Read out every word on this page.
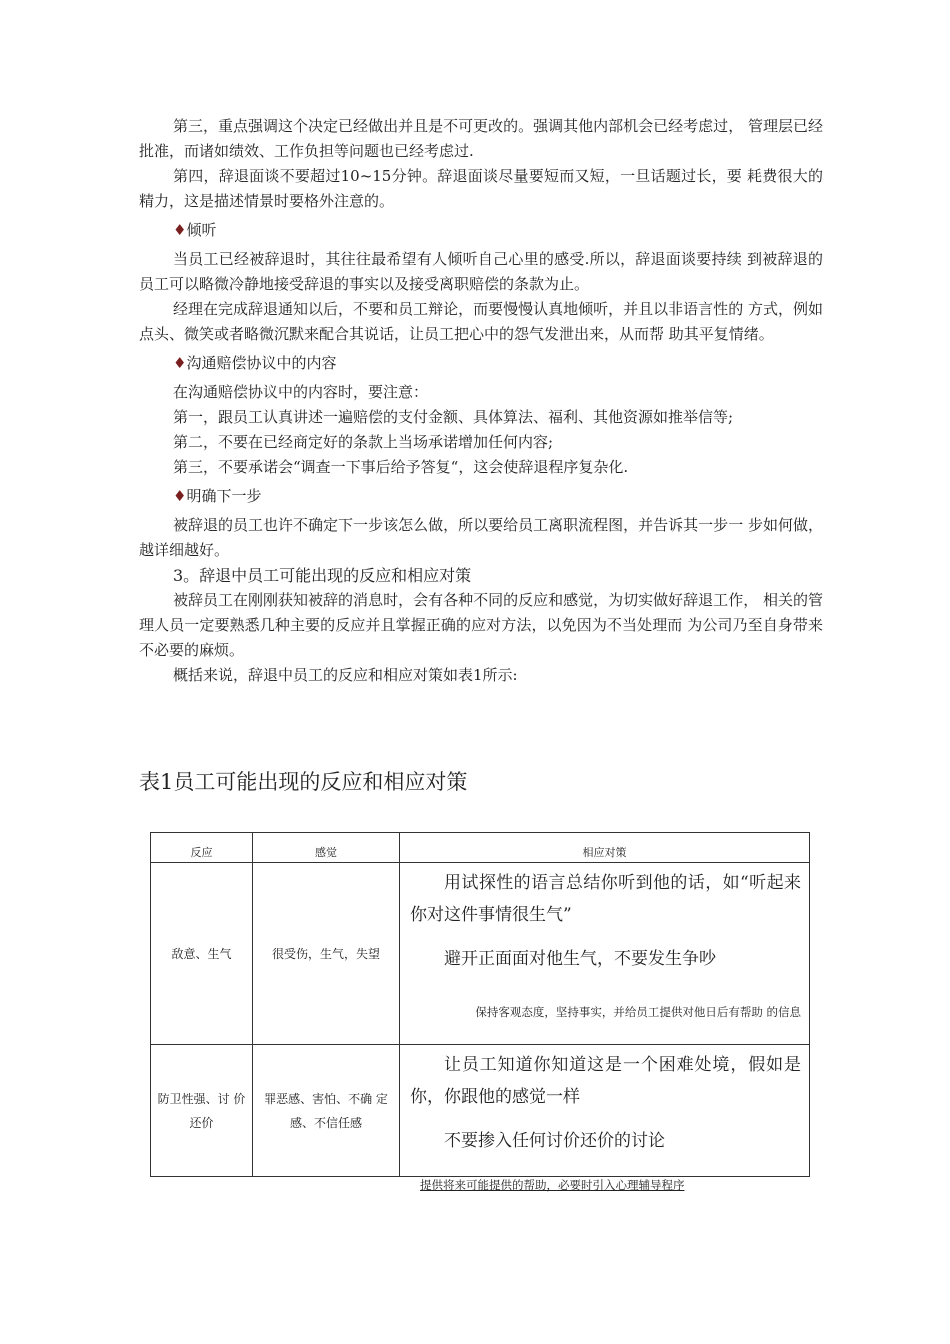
第三，重点强调这个决定已经做出并且是不可更改的。强调其他内部机会已经考虑过， 管理层已经批准，而诸如绩效、工作负担等问题也已经考虑过.

第四，辞退面谈不要超过10~15分钟。辞退面谈尽量要短而又短，一旦话题过长，要 耗费很大的精力，这是描述情景时要格外注意的。

♦倾听

当员工已经被辞退时，其往往最希望有人倾听自己心里的感受.所以，辞退面谈要持续 到被辞退的员工可以略微冷静地接受辞退的事实以及接受离职赔偿的条款为止。

经理在完成辞退通知以后，不要和员工辩论，而要慢慢认真地倾听，并且以非语言性的 方式，例如点头、微笑或者略微沉默来配合其说话，让员工把心中的怨气发泄出来，从而帮 助其平复情绪。

♦沟通赔偿协议中的内容

在沟通赔偿协议中的内容时，要注意：

第一，跟员工认真讲述一遍赔偿的支付金额、具体算法、福利、其他资源如推举信等;

第二，不要在已经商定好的条款上当场承诺增加任何内容;

第三，不要承诺会“调查一下事后给予答复“，这会使辞退程序复杂化.

♦明确下一步

被辞退的员工也许不确定下一步该怎么做，所以要给员工离职流程图，并告诉其一步一 步如何做，越详细越好。

3。辞退中员工可能出现的反应和相应对策

被辞员工在刚刚获知被辞的消息时，会有各种不同的反应和感觉，为切实做好辞退工作， 相关的管理人员一定要熟悉几种主要的反应并且掌握正确的应对方法，以免因为不当处理而 为公司乃至自身带来不必要的麻烦。

概括来说，辞退中员工的反应和相应对策如表1所示:

表1员工可能出现的反应和相应对策
反应	感觉	相应对策
敌意、生气	很受伤，生气，失望	用试探性的语言总结你听到他的话，如“听起来你对这件事情很生气”

避开正面面对他生气，不要发生争吵

保持客观态度，坚持事实，并给员工提供对他日后有帮助 的信息

防卫性强、讨 价还价	罪恶感、害怕、不确 定感、不信任感	让员工知道你知道这是一个困难处境，假如是你，你跟他的感觉一样

不要掺入任何讨价还价的讨论

提供将来可能提供的帮助，必要时引入心理辅导程序
